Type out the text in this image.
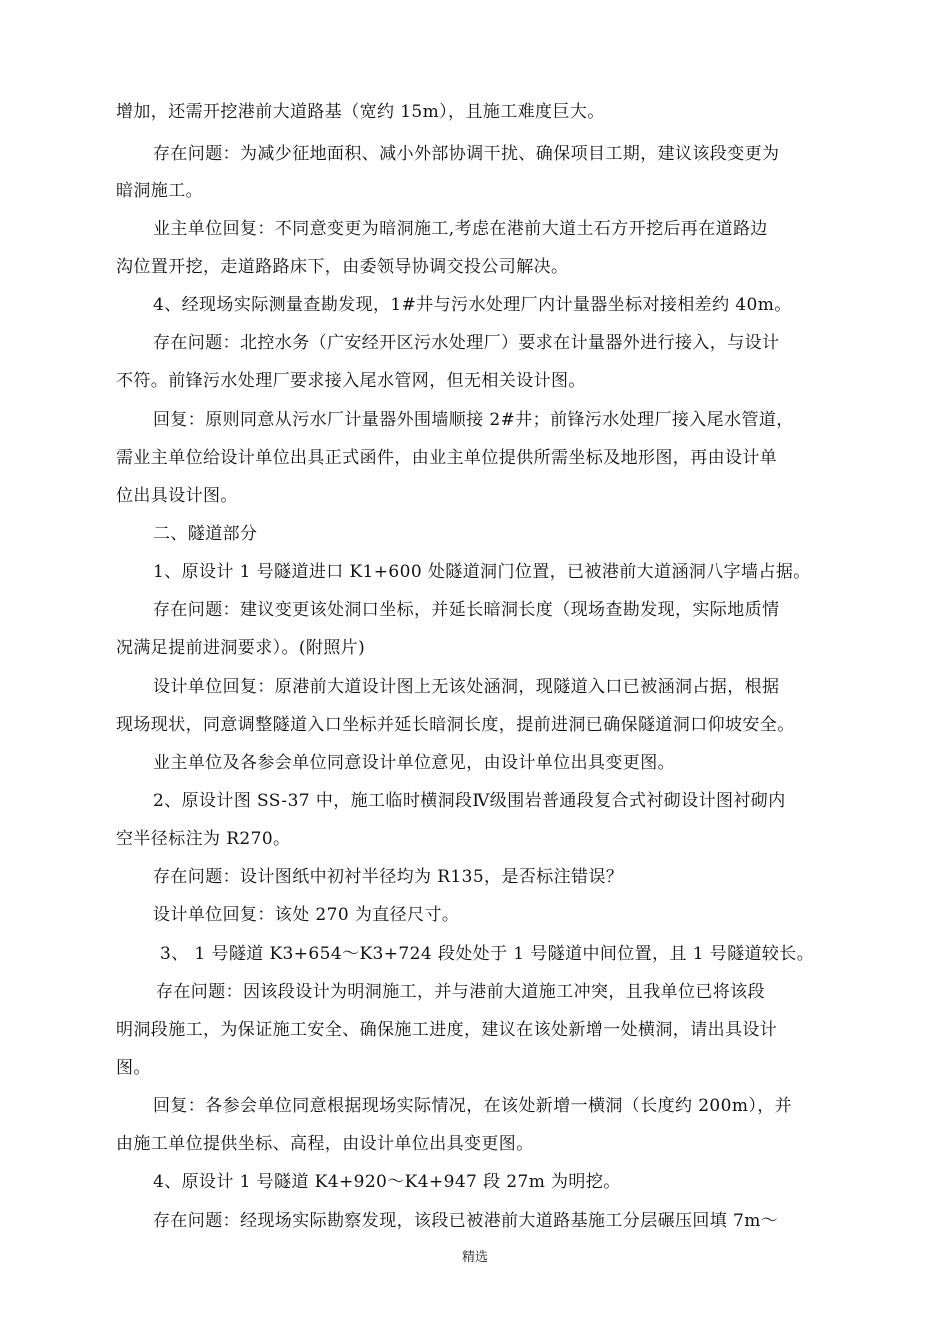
增加，还需开挖港前大道路基（宽约 15m），且施工难度巨大。
存在问题：为减少征地面积、减小外部协调干扰、确保项目工期，建议该段变更为
暗洞施工。
业主单位回复：不同意变更为暗洞施工,考虑在港前大道土石方开挖后再在道路边
沟位置开挖，走道路路床下，由委领导协调交投公司解决。
4、经现场实际测量查勘发现，1#井与污水处理厂内计量器坐标对接相差约 40m。
存在问题：北控水务（广安经开区污水处理厂）要求在计量器外进行接入，与设计
不符。前锋污水处理厂要求接入尾水管网，但无相关设计图。
回复：原则同意从污水厂计量器外围墙顺接 2#井；前锋污水处理厂接入尾水管道，
需业主单位给设计单位出具正式函件，由业主单位提供所需坐标及地形图，再由设计单
位出具设计图。
二、隧道部分
1、原设计 1 号隧道进口 K1+600 处隧道洞门位置，已被港前大道涵洞八字墙占据。
存在问题：建议变更该处洞口坐标，并延长暗洞长度（现场查勘发现，实际地质情
况满足提前进洞要求）。(附照片)
设计单位回复：原港前大道设计图上无该处涵洞，现隧道入口已被涵洞占据，根据
现场现状，同意调整隧道入口坐标并延长暗洞长度，提前进洞已确保隧道洞口仰坡安全。
业主单位及各参会单位同意设计单位意见，由设计单位出具变更图。
2、原设计图 SS-37 中，施工临时横洞段Ⅳ级围岩普通段复合式衬砌设计图衬砌内
空半径标注为 R270。
存在问题：设计图纸中初衬半径均为 R135，是否标注错误？
设计单位回复：该处 270 为直径尺寸。
3、 1 号隧道 K3+654～K3+724 段处处于 1 号隧道中间位置，且 1 号隧道较长。
存在问题：因该段设计为明洞施工，并与港前大道施工冲突，且我单位已将该段
明洞段施工，为保证施工安全、确保施工进度，建议在该处新增一处横洞，请出具设计
图。
回复：各参会单位同意根据现场实际情况，在该处新增一横洞（长度约 200m），并
由施工单位提供坐标、高程，由设计单位出具变更图。
4、原设计 1 号隧道 K4+920～K4+947 段 27m 为明挖。
存在问题：经现场实际勘察发现，该段已被港前大道路基施工分层碾压回填 7m～
精选
